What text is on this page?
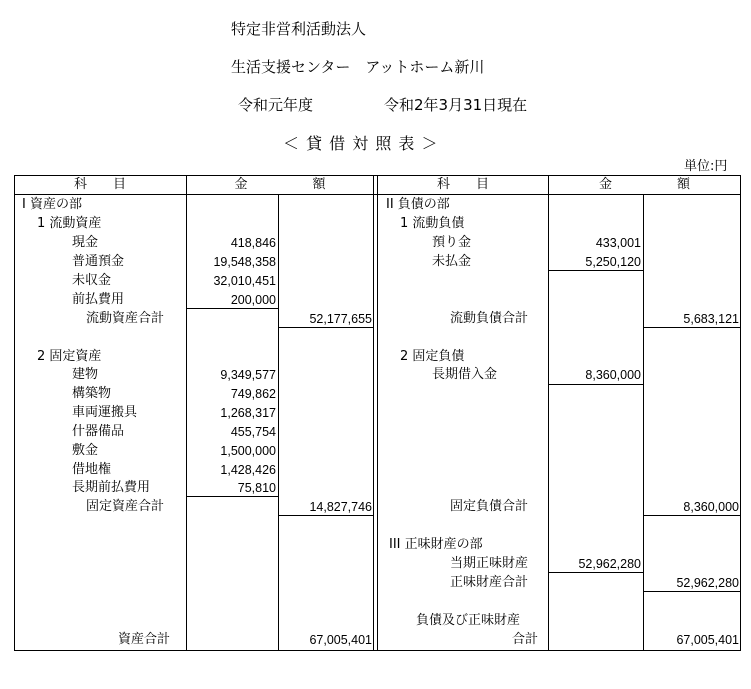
特定非営利活動法人
生活支援センター　アットホーム新川
令和元年度	令和2年3月31日現在
＜ 貸 借 対 照 表 ＞
単位:円
科　　目	金　　　　　額	科　　目	金　　　　　額
I 資産の部
1 流動資産
現金	418,846
普通預金	19,548,358
未収金	32,010,451
前払費用	200,000
流動資産合計	52,177,655
2 固定資産
建物	9,349,577
構築物	749,862
車両運搬具	1,268,317
什器備品	455,754
敷金	1,500,000
借地権	1,428,426
長期前払費用	75,810
固定資産合計	14,827,746
資産合計	67,005,401
II 負債の部
1 流動負債
預り金	433,001
未払金	5,250,120
流動負債合計	5,683,121
2 固定負債
長期借入金	8,360,000
固定負債合計	8,360,000
III 正味財産の部
当期正味財産	52,962,280
正味財産合計	52,962,280
負債及び正味財産
合計	67,005,401
